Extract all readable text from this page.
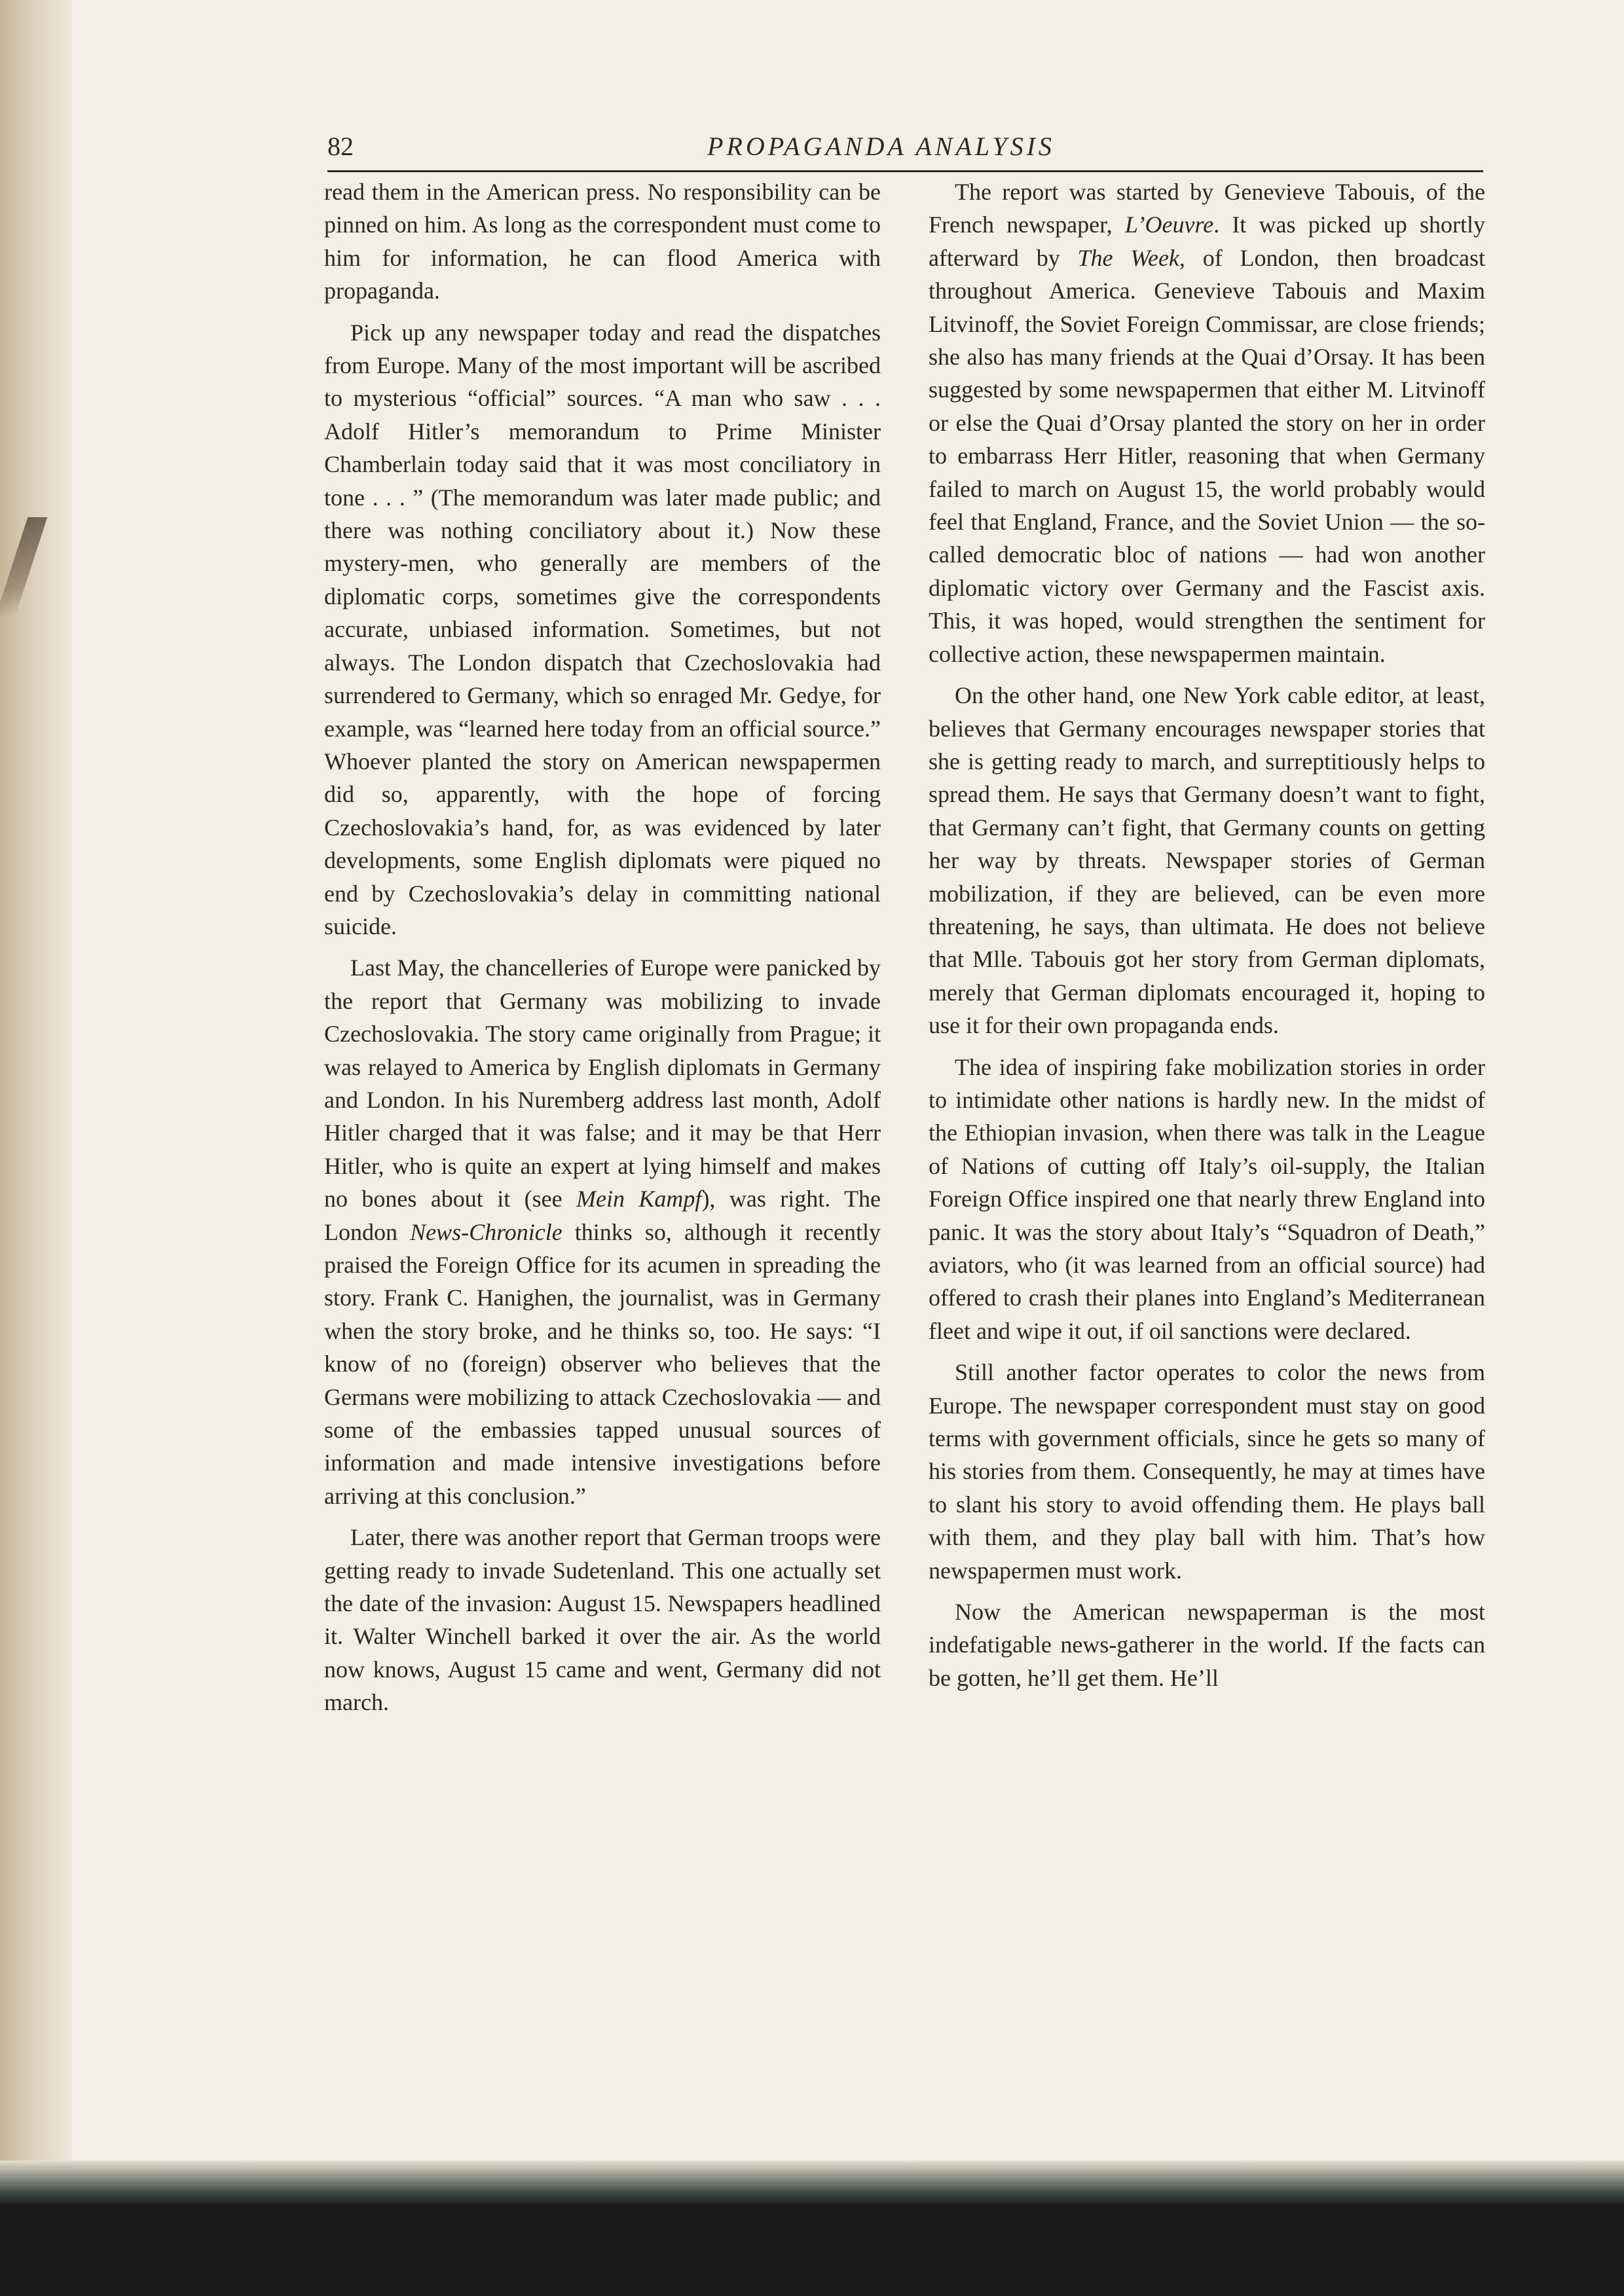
82	PROPAGANDA ANALYSIS

read them in the American press. No responsibility can be pinned on him. As long as the correspondent must come to him for information, he can flood America with propaganda.

Pick up any newspaper today and read the dispatches from Europe. Many of the most important will be ascribed to mysterious “official” sources. “A man who saw . . . Adolf Hitler’s memorandum to Prime Minister Chamberlain today said that it was most conciliatory in tone . . . ” (The memorandum was later made public; and there was nothing conciliatory about it.) Now these mystery-men, who generally are members of the diplomatic corps, sometimes give the correspondents accurate, unbiased information. Sometimes, but not always. The London dispatch that Czechoslovakia had surrendered to Germany, which so enraged Mr. Gedye, for example, was “learned here today from an official source.” Whoever planted the story on American newspapermen did so, apparently, with the hope of forcing Czechoslovakia’s hand, for, as was evidenced by later developments, some English diplomats were piqued no end by Czechoslovakia’s delay in committing national suicide.

Last May, the chancelleries of Europe were panicked by the report that Germany was mobilizing to invade Czechoslovakia. The story came originally from Prague; it was relayed to America by English diplomats in Germany and London. In his Nuremberg address last month, Adolf Hitler charged that it was false; and it may be that Herr Hitler, who is quite an expert at lying himself and makes no bones about it (see Mein Kampf), was right. The London News-Chronicle thinks so, although it recently praised the Foreign Office for its acumen in spreading the story. Frank C. Hanighen, the journalist, was in Germany when the story broke, and he thinks so, too. He says: “I know of no (foreign) observer who believes that the Germans were mobilizing to attack Czechoslovakia — and some of the embassies tapped unusual sources of information and made intensive investigations before arriving at this conclusion.”

Later, there was another report that German troops were getting ready to invade Sudetenland. This one actually set the date of the invasion: August 15. Newspapers headlined it. Walter Winchell barked it over the air. As the world now knows, August 15 came and went, Germany did not march.

The report was started by Genevieve Tabouis, of the French newspaper, L’Oeuvre. It was picked up shortly afterward by The Week, of London, then broadcast throughout America. Genevieve Tabouis and Maxim Litvinoff, the Soviet Foreign Commissar, are close friends; she also has many friends at the Quai d’Orsay. It has been suggested by some newspapermen that either M. Litvinoff or else the Quai d’Orsay planted the story on her in order to embarrass Herr Hitler, reasoning that when Germany failed to march on August 15, the world probably would feel that England, France, and the Soviet Union — the so-called democratic bloc of nations — had won another diplomatic victory over Germany and the Fascist axis. This, it was hoped, would strengthen the sentiment for collective action, these newspapermen maintain.

On the other hand, one New York cable editor, at least, believes that Germany encourages newspaper stories that she is getting ready to march, and surreptitiously helps to spread them. He says that Germany doesn’t want to fight, that Germany can’t fight, that Germany counts on getting her way by threats. Newspaper stories of German mobilization, if they are believed, can be even more threatening, he says, than ultimata. He does not believe that Mlle. Tabouis got her story from German diplomats, merely that German diplomats encouraged it, hoping to use it for their own propaganda ends.

The idea of inspiring fake mobilization stories in order to intimidate other nations is hardly new. In the midst of the Ethiopian invasion, when there was talk in the League of Nations of cutting off Italy’s oil-supply, the Italian Foreign Office inspired one that nearly threw England into panic. It was the story about Italy’s “Squadron of Death,” aviators, who (it was learned from an official source) had offered to crash their planes into England’s Mediterranean fleet and wipe it out, if oil sanctions were declared.

Still another factor operates to color the news from Europe. The newspaper correspondent must stay on good terms with government officials, since he gets so many of his stories from them. Consequently, he may at times have to slant his story to avoid offending them. He plays ball with them, and they play ball with him. That’s how newspapermen must work.

Now the American newspaperman is the most indefatigable news-gatherer in the world. If the facts can be gotten, he’ll get them. He’ll
